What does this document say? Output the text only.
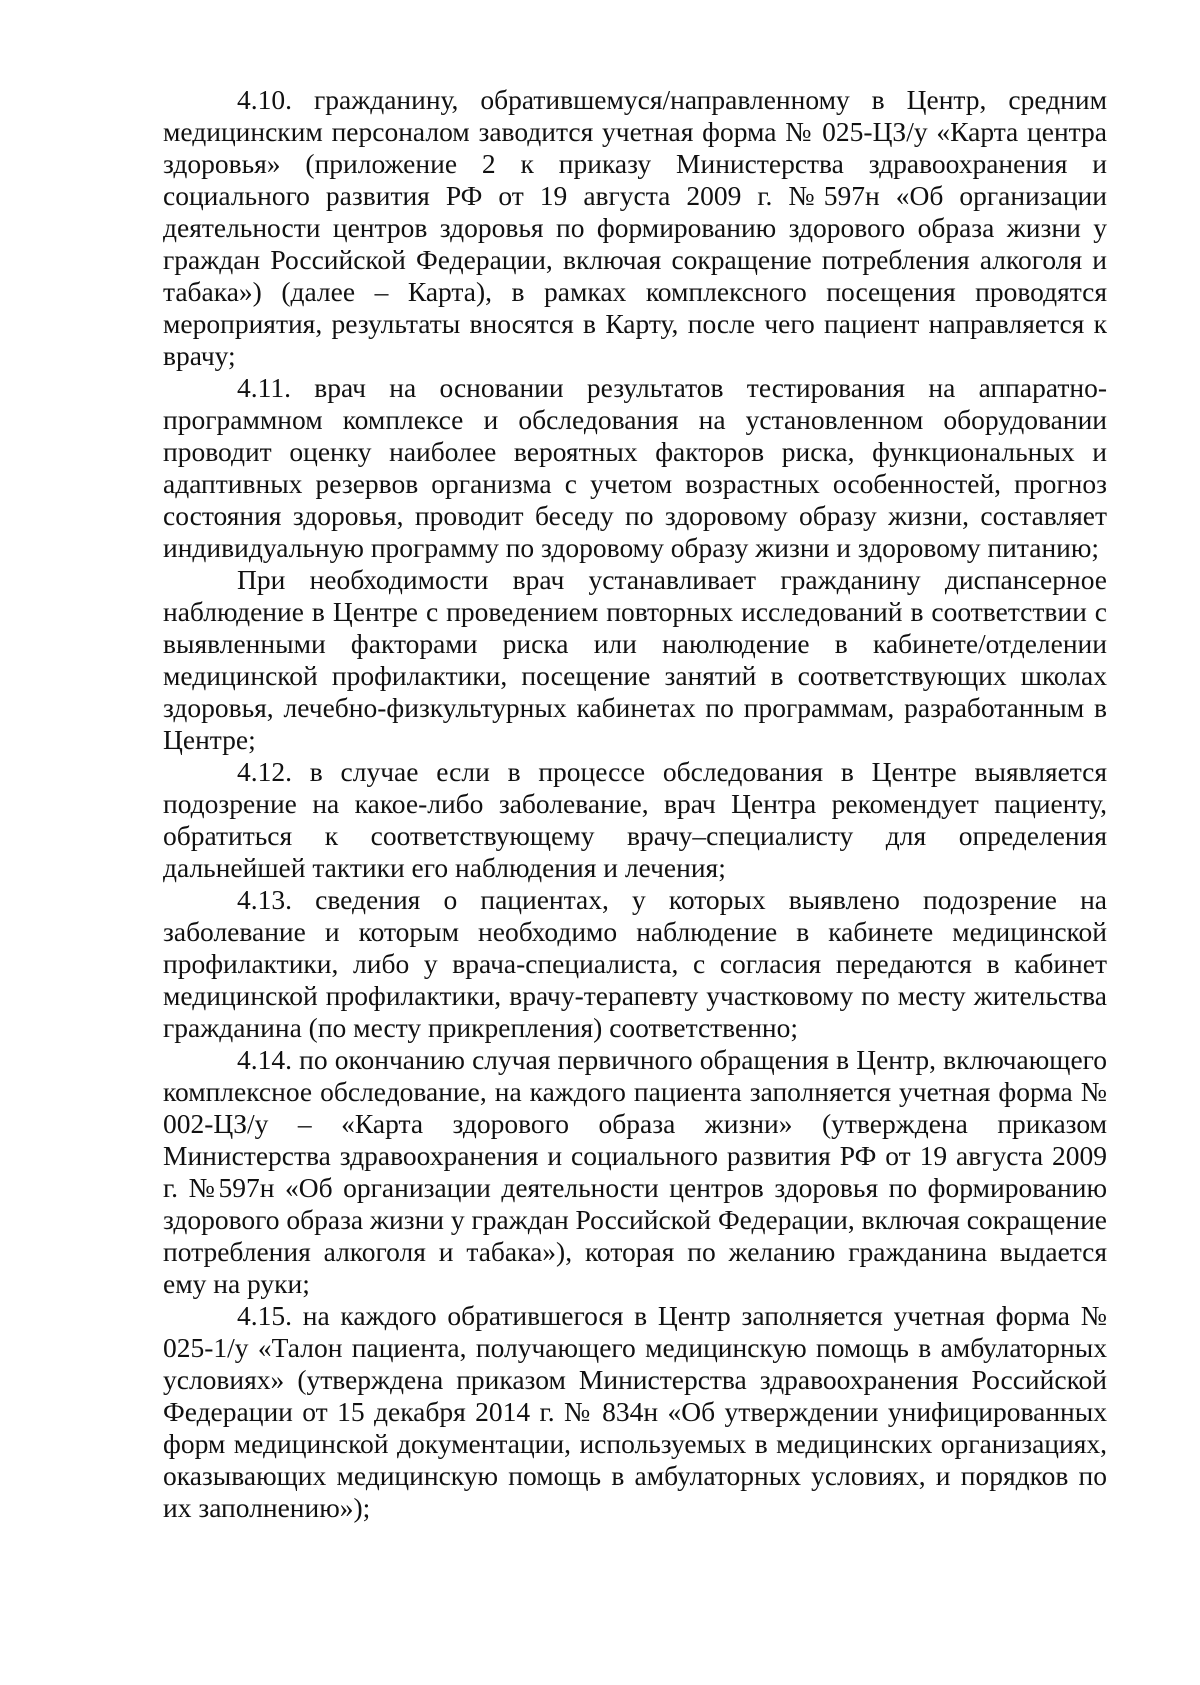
4.10. гражданину, обратившемуся/направленному в Центр, средним медицинским персоналом заводится учетная форма № 025-ЦЗ/у «Карта центра здоровья» (приложение 2 к приказу Министерства здравоохранения и социального развития РФ от 19 августа 2009 г. №597н «Об организации деятельности центров здоровья по формированию здорового образа жизни у граждан Российской Федерации, включая сокращение потребления алкоголя и табака») (далее – Карта), в рамках комплексного посещения проводятся мероприятия, результаты вносятся в Карту, после чего пациент направляется к врачу;

4.11. врач на основании результатов тестирования на аппаратно-программном комплексе и обследования на установленном оборудовании проводит оценку наиболее вероятных факторов риска, функциональных и адаптивных резервов организма с учетом возрастных особенностей, прогноз состояния здоровья, проводит беседу по здоровому образу жизни, составляет индивидуальную программу по здоровому образу жизни и здоровому питанию;

При необходимости врач устанавливает гражданину диспансерное наблюдение в Центре с проведением повторных исследований в соответствии с выявленными факторами риска или наюлюдение в кабинете/отделении медицинской профилактики, посещение занятий в соответствующих школах здоровья, лечебно-физкультурных кабинетах по программам, разработанным в Центре;

4.12. в случае если в процессе обследования в Центре выявляется подозрение на какое-либо заболевание, врач Центра рекомендует пациенту, обратиться к соответствующему врачу–специалисту для определения дальнейшей тактики его наблюдения и лечения;

4.13. сведения о пациентах, у которых выявлено подозрение на заболевание и которым необходимо наблюдение в кабинете медицинской профилактики, либо у врача-специалиста, с согласия передаются в кабинет медицинской профилактики, врачу-терапевту участковому по месту жительства гражданина (по месту прикрепления) соответственно;

4.14. по окончанию случая первичного обращения в Центр, включающего комплексное обследование, на каждого пациента заполняется учетная форма № 002-ЦЗ/у – «Карта здорового образа жизни» (утверждена приказом Министерства здравоохранения и социального развития РФ от 19 августа 2009 г. №597н «Об организации деятельности центров здоровья по формированию здорового образа жизни у граждан Российской Федерации, включая сокращение потребления алкоголя и табака»), которая по желанию гражданина выдается ему на руки;

4.15. на каждого обратившегося в Центр заполняется учетная форма № 025-1/у «Талон пациента, получающего медицинскую помощь в амбулаторных условиях» (утверждена приказом Министерства здравоохранения Российской Федерации от 15 декабря 2014 г. № 834н «Об утверждении унифицированных форм медицинской документации, используемых в медицинских организациях, оказывающих медицинскую помощь в амбулаторных условиях, и порядков по их заполнению»);
